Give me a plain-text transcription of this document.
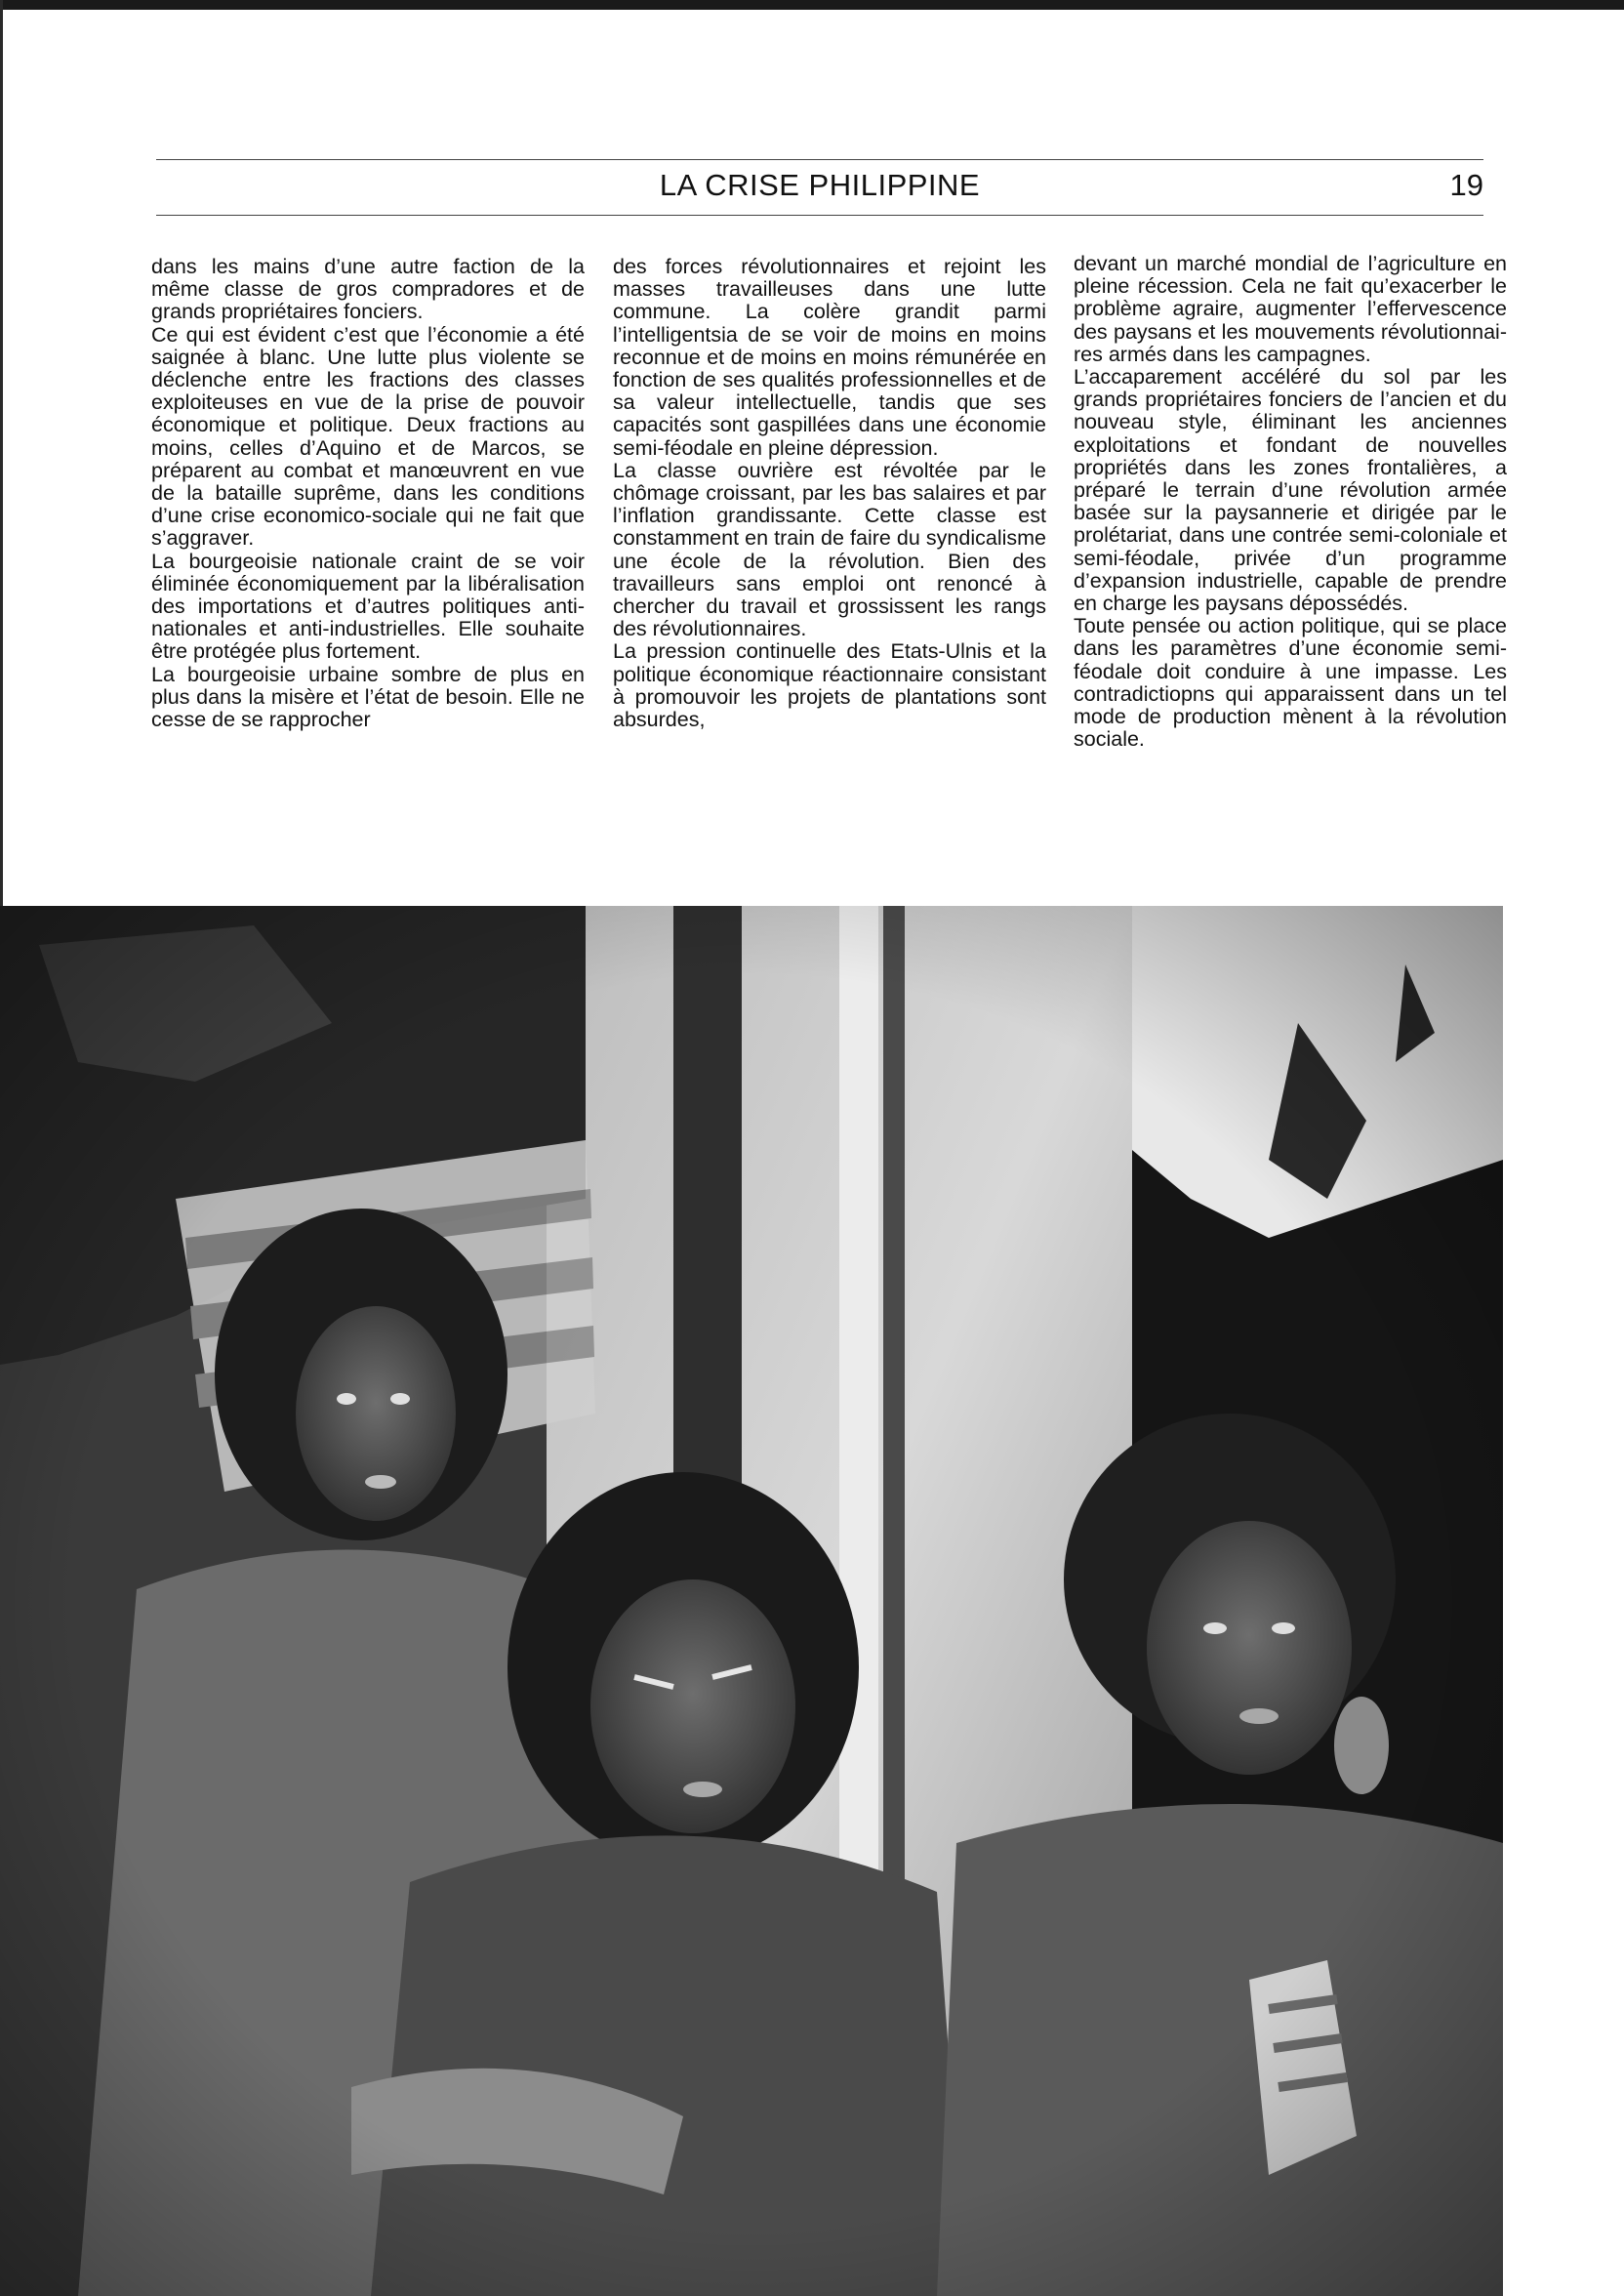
LA CRISE PHILIPPINE	19

dans les mains d’une autre faction de la même classe de gros compradores et de grands propriétaires fonciers.

Ce qui est évident c’est que l’économie a été saignée à blanc. Une lutte plus violente se déclenche entre les fractions des classes exploiteuses en vue de la prise de pouvoir économique et politique. Deux fractions au moins, celles d’Aquino et de Marcos, se préparent au combat et manœuvrent en vue de la bataille suprême, dans les conditions d’une crise economico-sociale qui ne fait que s’aggraver.

La bourgeoisie nationale craint de se voir éliminée économiquement par la libéralisation des importations et d’autres politiques anti-nationales et anti-industrielles. Elle souhaite être protégée plus fortement.

La bourgeoisie urbaine sombre de plus en plus dans la misère et l’état de besoin. Elle ne cesse de se rapprocher

des forces révolutionnaires et rejoint les masses travailleuses dans une lutte commune. La colère grandit parmi l’intelligentsia de se voir de moins en moins reconnue et de moins en moins rémunérée en fonction de ses qualités professionnelles et de sa valeur intellectuelle, tandis que ses capacités sont gaspillées dans une économie semi-féodale en pleine dépression.

La classe ouvrière est révoltée par le chômage croissant, par les bas salaires et par l’inflation grandissante. Cette classe est constamment en train de faire du syndicalisme une école de la révolution. Bien des travailleurs sans emploi ont renoncé à chercher du travail et grossissent les rangs des révolutionnaires.

La pression continuelle des Etats-Ulnis et la politique économique réactionnaire consistant à promouvoir les projets de plantations sont absurdes,

devant un marché mondial de l’agriculture en pleine récession. Cela ne fait qu’exacerber le problème agraire, augmenter l’effervescence des paysans et les mouvements révolutionnaires armés dans les campagnes.

L’accaparement accéléré du sol par les grands propriétaires fonciers de l’ancien et du nouveau style, éliminant les anciennes exploitations et fondant de nouvelles propriétés dans les zones frontalières, a préparé le terrain d’une révolution armée basée sur la paysannerie et dirigée par le prolétariat, dans une contrée semi-coloniale et semi-féodale, privée d’un programme d’expansion industrielle, capable de prendre en charge les paysans dépossédés.

Toute pensée ou action politique, qui se place dans les paramètres d’une économie semi-féodale doit conduire à une impasse. Les contradictiopns qui apparaissent dans un tel mode de production mènent à la révolution sociale.
